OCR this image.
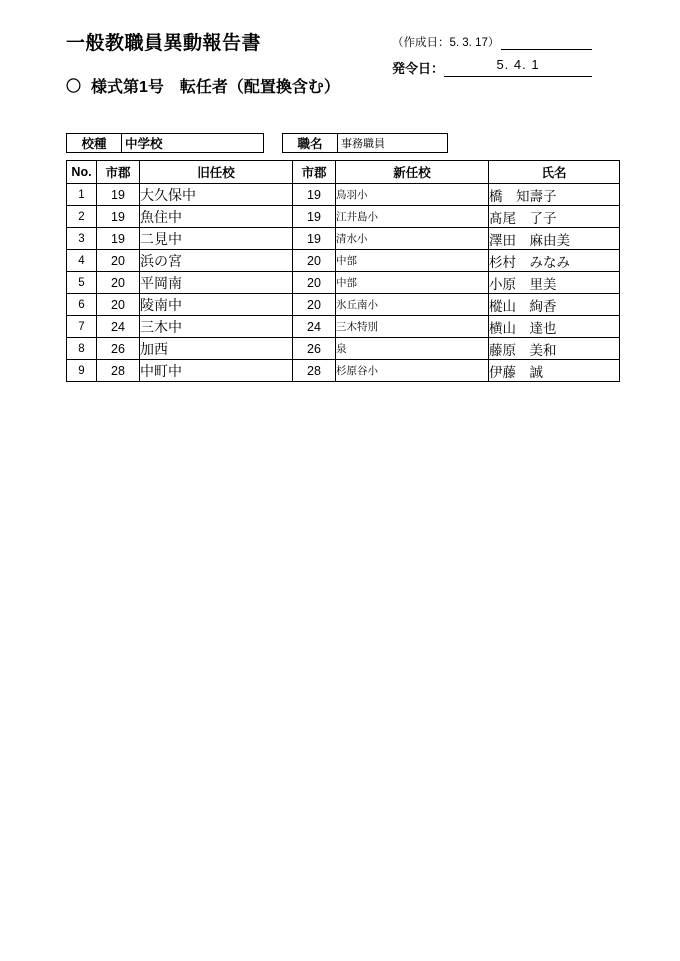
一般教職員異動報告書	（作成日：5. 3. 17）
発令日：	5. 4. 1
〇 様式第1号　転任者（配置換含む）
校種	中学校		職名	事務職員
No.	市郡	旧任校	市郡	新任校	氏名
1	19	大久保中	19	鳥羽小	橋　知壽子
2	19	魚住中	19	江井島小	髙尾　了子
3	19	二見中	19	清水小	澤田　麻由美
4	20	浜の宮	20	中部	杉村　みなみ
5	20	平岡南	20	中部	小原　里美
6	20	陵南中	20	氷丘南小	樅山　絢香
7	24	三木中	24	三木特別	横山　達也
8	26	加西	26	泉	藤原　美和
9	28	中町中	28	杉原谷小	伊藤　誠
